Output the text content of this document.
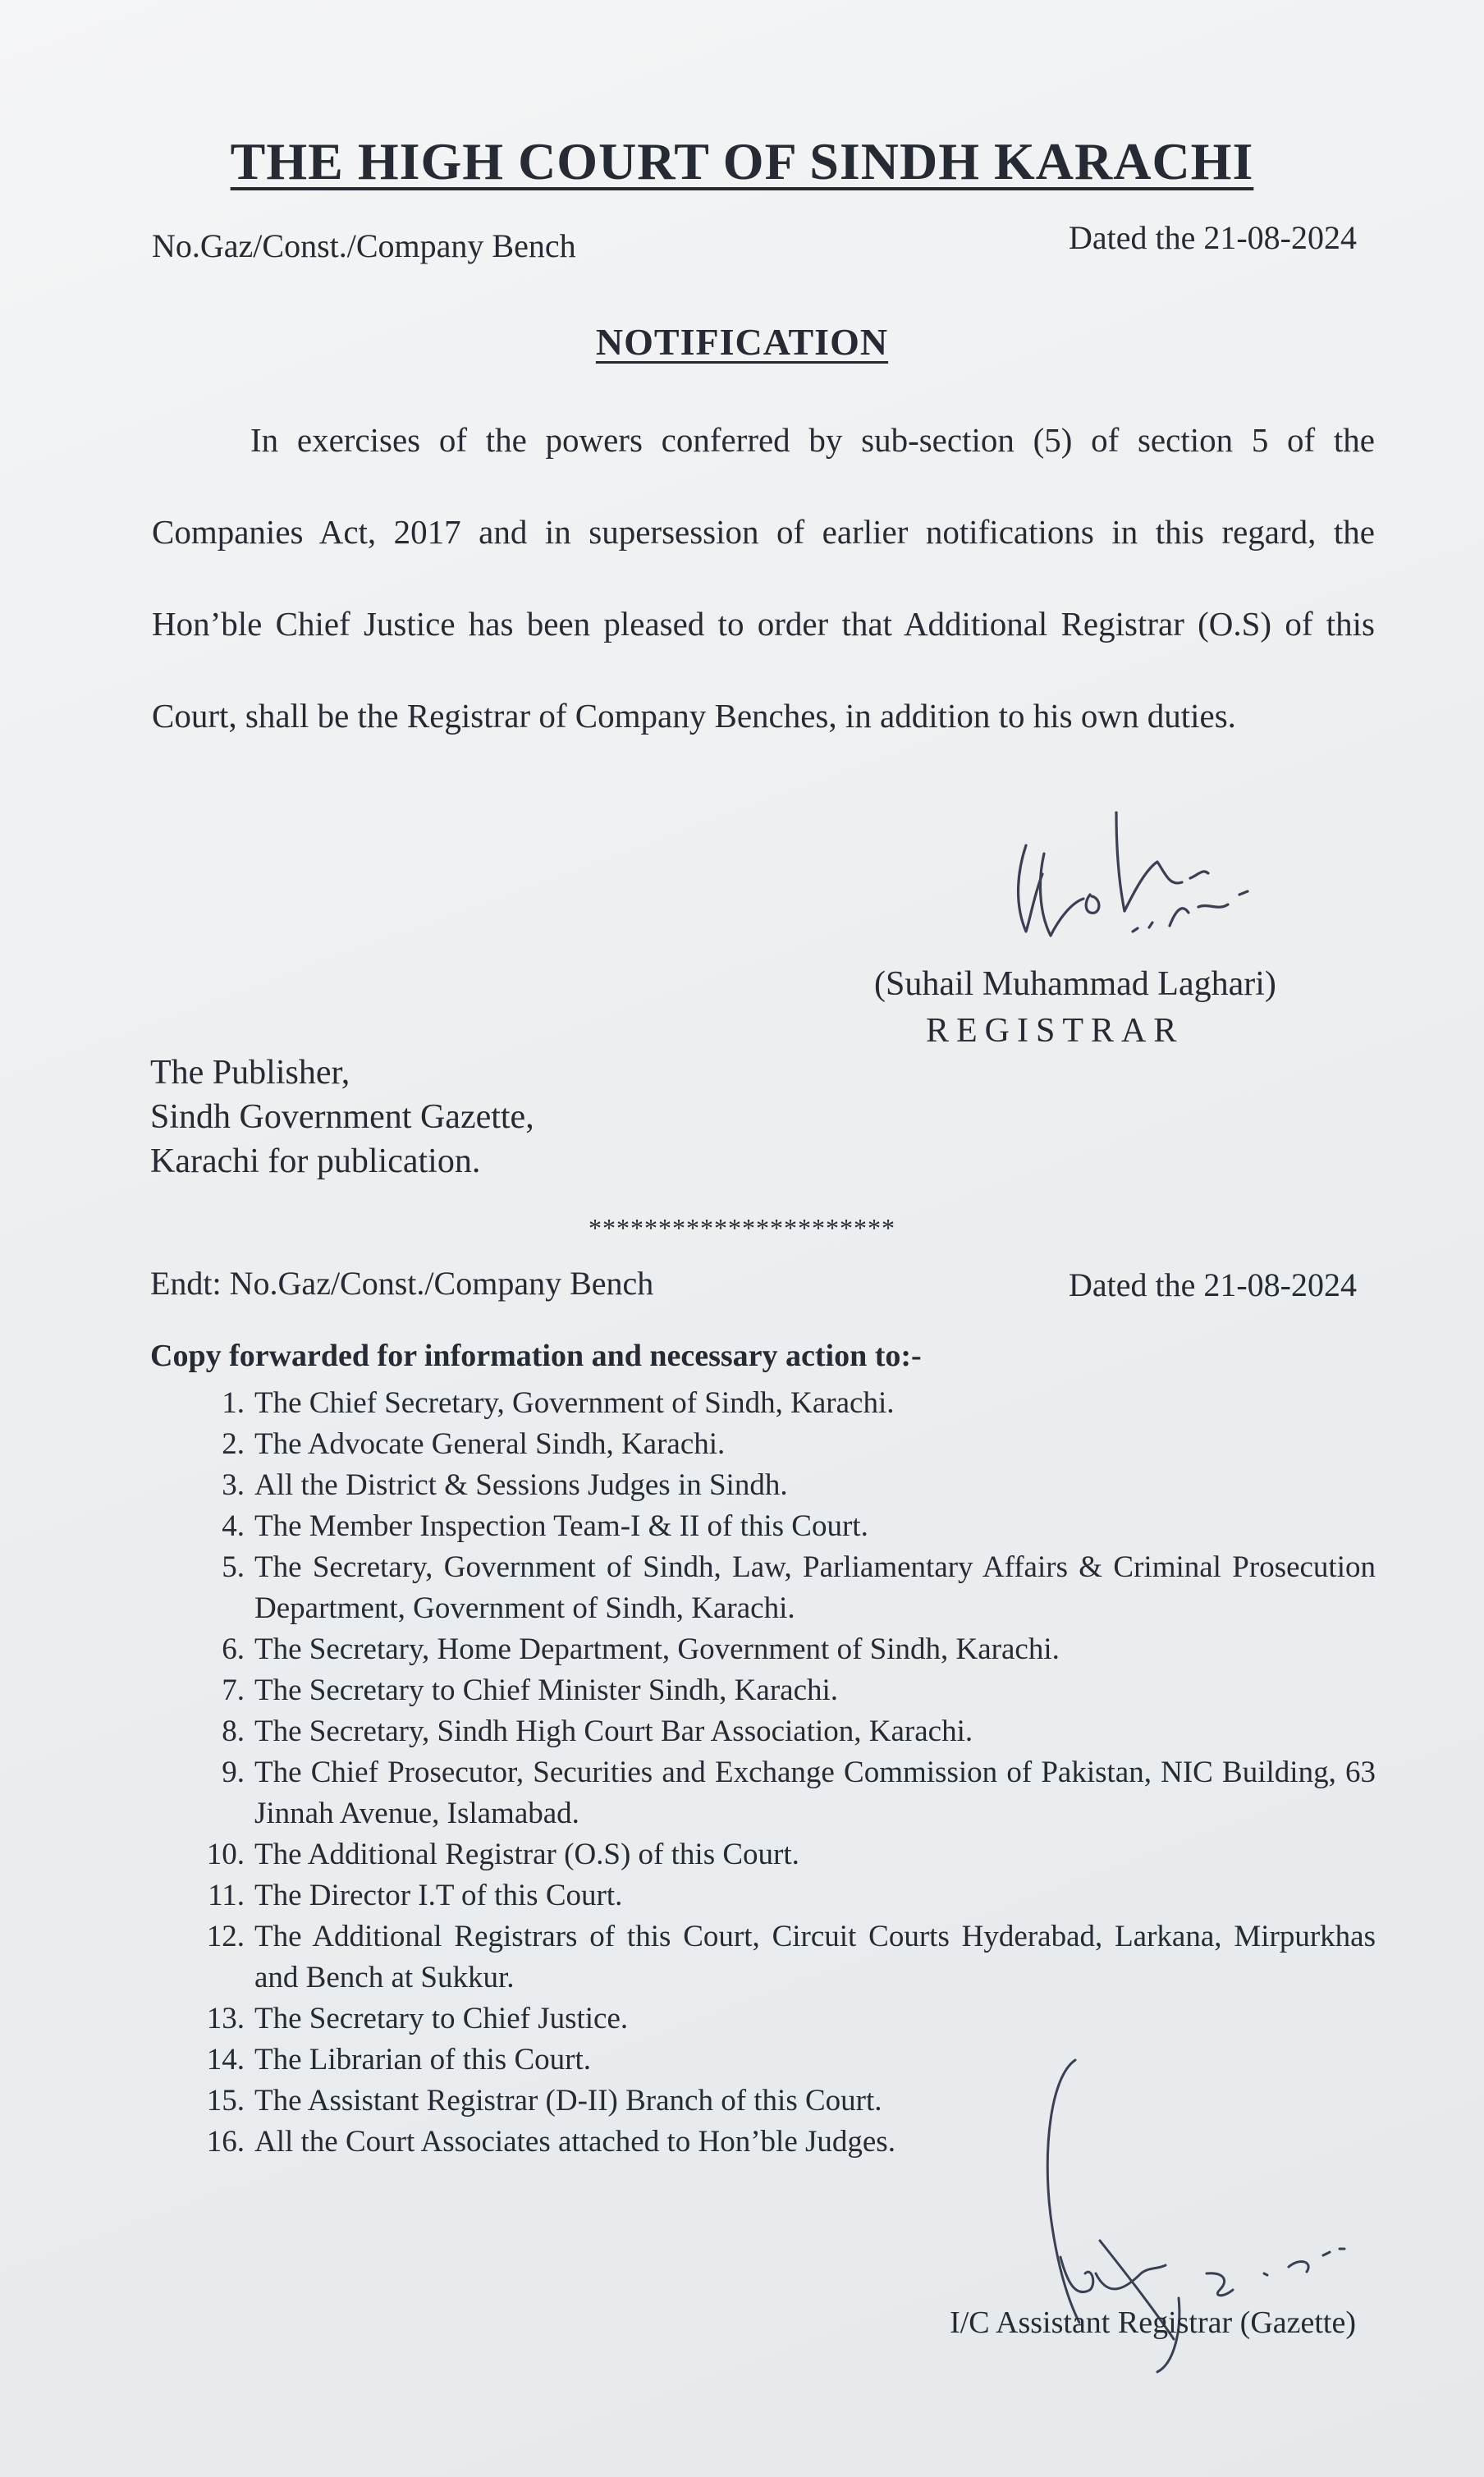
THE HIGH COURT OF SINDH KARACHI
No.Gaz/Const./Company Bench	Dated the 21-08-2024
NOTIFICATION

In exercises of the powers conferred by sub-section (5) of section 5 of the Companies Act, 2017 and in supersession of earlier notifications in this regard, the Hon’ble Chief Justice has been pleased to order that Additional Registrar (O.S) of this Court, shall be the Registrar of Company Benches, in addition to his own duties.

(Suhail Muhammad Laghari)
REGISTRAR
The Publisher,
Sindh Government Gazette,
Karachi for publication.
**********************
Endt: No.Gaz/Const./Company Bench	Dated the 21-08-2024
Copy forwarded for information and necessary action to:-
1. The Chief Secretary, Government of Sindh, Karachi.
2. The Advocate General Sindh, Karachi.
3. All the District & Sessions Judges in Sindh.
4. The Member Inspection Team-I & II of this Court.
5. The Secretary, Government of Sindh, Law, Parliamentary Affairs & Criminal Prosecution Department, Government of Sindh, Karachi.
6. The Secretary, Home Department, Government of Sindh, Karachi.
7. The Secretary to Chief Minister Sindh, Karachi.
8. The Secretary, Sindh High Court Bar Association, Karachi.
9. The Chief Prosecutor, Securities and Exchange Commission of Pakistan, NIC Building, 63 Jinnah Avenue, Islamabad.
10. The Additional Registrar (O.S) of this Court.
11. The Director I.T of this Court.
12. The Additional Registrars of this Court, Circuit Courts Hyderabad, Larkana, Mirpurkhas and Bench at Sukkur.
13. The Secretary to Chief Justice.
14. The Librarian of this Court.
15. The Assistant Registrar (D-II) Branch of this Court.
16. All the Court Associates attached to Hon’ble Judges.
I/C Assistant Registrar (Gazette)
